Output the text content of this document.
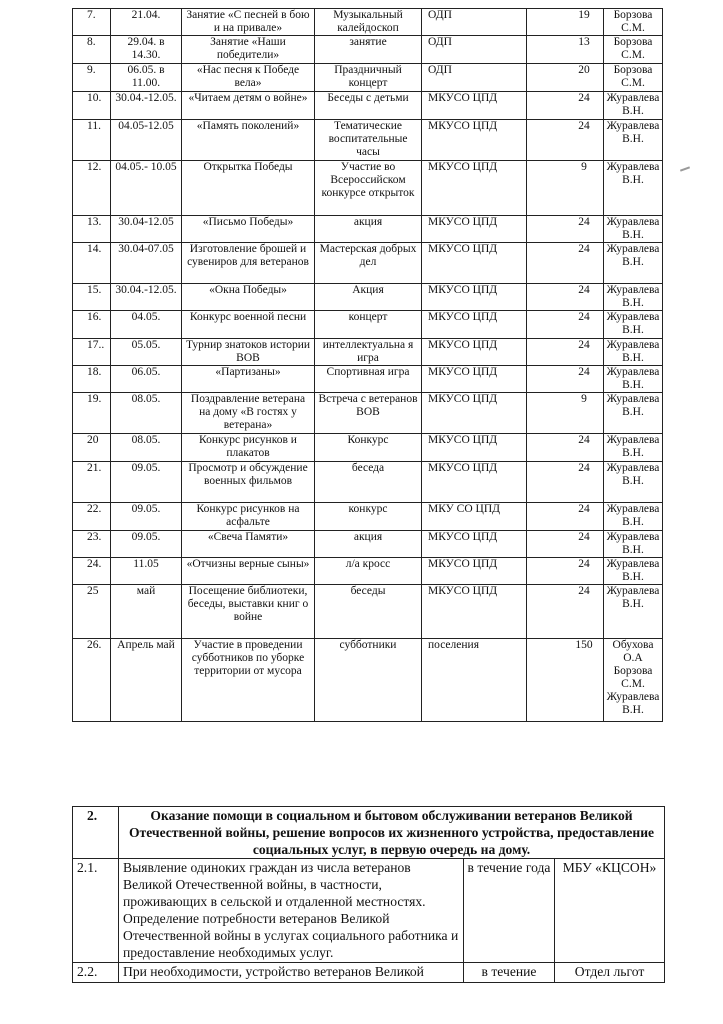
7.	21.04.	Занятие «С песней в бою и на привале»	Музыкальный калейдоскоп	ОДП	19	Борзова С.М.
8.	29.04. в 14.30.	Занятие «Наши победители»	занятие	ОДП	13	Борзова С.М.
9.	06.05. в 11.00.	«Нас песня к Победе вела»	Праздничный концерт	ОДП	20	Борзова С.М.
10.	30.04.-12.05.	«Читаем детям о войне»	Беседы с детьми	МКУСО ЦПД	24	Журавлева В.Н.
11.	04.05-12.05	«Память поколений»	Тематические воспитательные часы	МКУСО ЦПД	24	Журавлева В.Н.
12.	04.05.- 10.05	Открытка Победы	Участие во Всероссийском конкурсе открыток	МКУСО ЦПД	9	Журавлева В.Н.
13.	30.04-12.05	«Письмо Победы»	акция	МКУСО ЦПД	24	Журавлева В.Н.
14.	30.04-07.05	Изготовление брошей и сувениров для ветеранов	Мастерская добрых дел	МКУСО ЦПД	24	Журавлева В.Н.
15.	30.04.-12.05.	«Окна Победы»	Акция	МКУСО ЦПД	24	Журавлева В.Н.
16.	04.05.	Конкурс военной песни	концерт	МКУСО ЦПД	24	Журавлева В.Н.
17..	05.05.	Турнир знатоков истории ВОВ	интеллектуальна я игра	МКУСО ЦПД	24	Журавлева В.Н.
18.	06.05.	«Партизаны»	Спортивная игра	МКУСО ЦПД	24	Журавлева В.Н.
19.	08.05.	Поздравление ветерана на дому «В гостях у ветерана»	Встреча с ветеранов ВОВ	МКУСО ЦПД	9	Журавлева В.Н.
20	08.05.	Конкурс рисунков и плакатов	Конкурс	МКУСО ЦПД	24	Журавлева В.Н.
21.	09.05.	Просмотр и обсуждение военных фильмов	беседа	МКУСО ЦПД	24	Журавлева В.Н.
22.	09.05.	Конкурс рисунков на асфальте	конкурс	МКУ СО ЦПД	24	Журавлева В.Н.
23.	09.05.	«Свеча Памяти»	акция	МКУСО ЦПД	24	Журавлева В.Н.
24.	11.05	«Отчизны верные сыны»	л/а кросс	МКУСО ЦПД	24	Журавлева В.Н.
25	май	Посещение библиотеки, беседы, выставки книг о войне	беседы	МКУСО ЦПД	24	Журавлева В.Н.
26.	Апрель май	Участие в проведении субботников по уборке территории от мусора	субботники	поселения	150	Обухова О.А Борзова С.М. Журавлева В.Н.
2.	Оказание помощи в социальном и бытовом обслуживании ветеранов Великой Отечественной войны, решение вопросов их жизненного устройства, предоставление социальных услуг, в первую очередь на дому.		
2.1.	Выявление одиноких граждан из числа ветеранов Великой Отечественной войны, в частности, проживающих в сельской и отдаленной местностях. Определение потребности ветеранов Великой Отечественной войны в услугах социального работника и предоставление необходимых услуг.	в течение года	МБУ «КЦСОН»
2.2.	При необходимости, устройство ветеранов Великой	в течение	Отдел льгот
